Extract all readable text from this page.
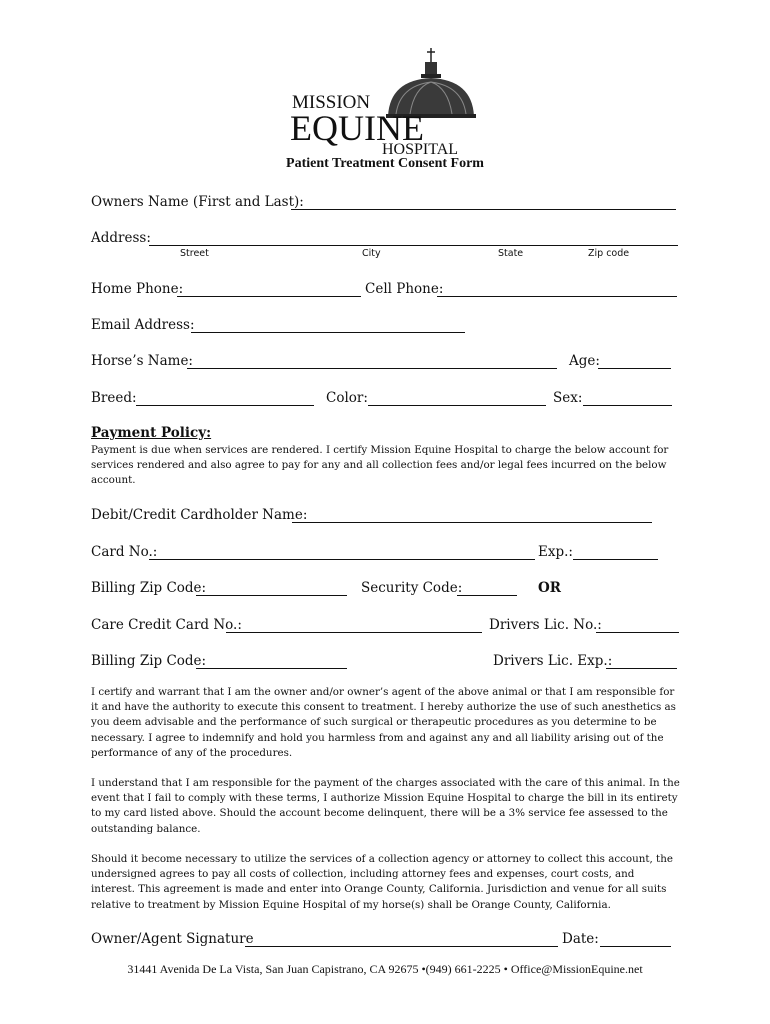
MISSION
EQUINE
HOSPITAL
Patient Treatment Consent Form
Owners Name (First and Last):
Address:
Street	City	State	Zip code
Home Phone:	Cell Phone:
Email Address:
Horse’s Name:	Age:
Breed:	Color:	Sex:
Payment Policy:
Payment is due when services are rendered. I certify Mission Equine Hospital to charge the below account for services rendered and also agree to pay for any and all collection fees and/or legal fees incurred on the below account.
Debit/Credit Cardholder Name:
Card No.:	Exp.:
Billing Zip Code:	Security Code:	OR
Care Credit Card No.:	Drivers Lic. No.:
Billing Zip Code:	Drivers Lic. Exp.:
I certify and warrant that I am the owner and/or owner’s agent of the above animal or that I am responsible for it and have the authority to execute this consent to treatment. I hereby authorize the use of such anesthetics as you deem advisable and the performance of such surgical or therapeutic procedures as you determine to be necessary. I agree to indemnify and hold you harmless from and against any and all liability arising out of the performance of any of the procedures.
I understand that I am responsible for the payment of the charges associated with the care of this animal. In the event that I fail to comply with these terms, I authorize Mission Equine Hospital to charge the bill in its entirety to my card listed above. Should the account become delinquent, there will be a 3% service fee assessed to the outstanding balance.
Should it become necessary to utilize the services of a collection agency or attorney to collect this account, the undersigned agrees to pay all costs of collection, including attorney fees and expenses, court costs, and interest. This agreement is made and enter into Orange County, California. Jurisdiction and venue for all suits relative to treatment by Mission Equine Hospital of my horse(s) shall be Orange County, California.
Owner/Agent Signature	Date:
31441 Avenida De La Vista, San Juan Capistrano, CA 92675 •(949) 661-2225 • Office@MissionEquine.net
